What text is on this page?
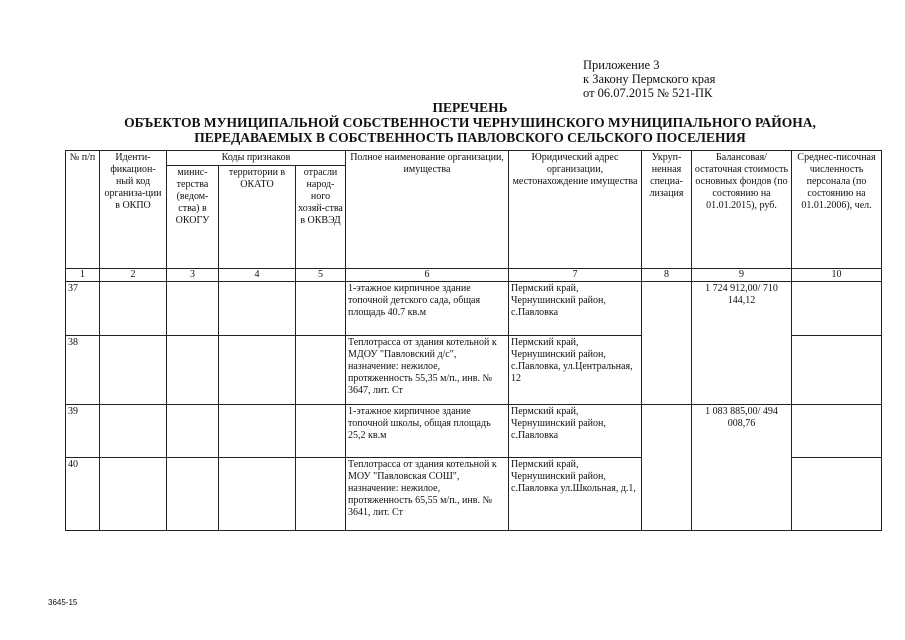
Приложение 3
к Закону Пермского края
от 06.07.2015 № 521-ПК
ПЕРЕЧЕНЬ
ОБЪЕКТОВ МУНИЦИПАЛЬНОЙ СОБСТВЕННОСТИ ЧЕРНУШИНСКОГО МУНИЦИПАЛЬНОГО РАЙОНА,
ПЕРЕДАВАЕМЫХ В СОБСТВЕННОСТЬ ПАВЛОВСКОГО СЕЛЬСКОГО ПОСЕЛЕНИЯ
№ п/п	Иденти-фикацион-ный код организа-ции в ОКПО	Коды признаков			Полное наименование организации, имущества	Юридический адрес организации, местонахождение имущества	Укруп-ненная специа-лизация	Балансовая/ остаточная стоимость основных фондов (по состоянию на 01.01.2015), руб.	Среднес-писочная численность персонала (по состоянию на 01.01.2006), чел.
		минис-терства (ведом-ства) в ОКОГУ	территории в ОКАТО	отрасли народ-ного хозяй-ства в ОКВЭД					
1	2	3	4	5	6	7	8	9	10
37					1-этажное кирпичное здание топочной детского сада, общая площадь 40.7 кв.м	Пермский край, Чернушинский район, с.Павловка		1 724 912,00/ 710 144,12	
38					Теплотрасса от здания котельной к МДОУ "Павловский д/с", назначение: нежилое, протяженность 55,35 м/п., инв. № 3647, лит. Ст	Пермский край, Чернушинский район, с.Павловка, ул.Центральная, 12			
39					1-этажное кирпичное здание топочной школы, общая площадь 25,2 кв.м	Пермский край, Чернушинский район, с.Павловка		1 083 885,00/ 494 008,76	
40					Теплотрасса от здания котельной к МОУ "Павловская СОШ", назначение: нежилое, протяженность 65,55 м/п., инв. № 3641, лит. Ст	Пермский край, Чернушинский район, с.Павловка ул.Школьная, д.1,			
3645-15
